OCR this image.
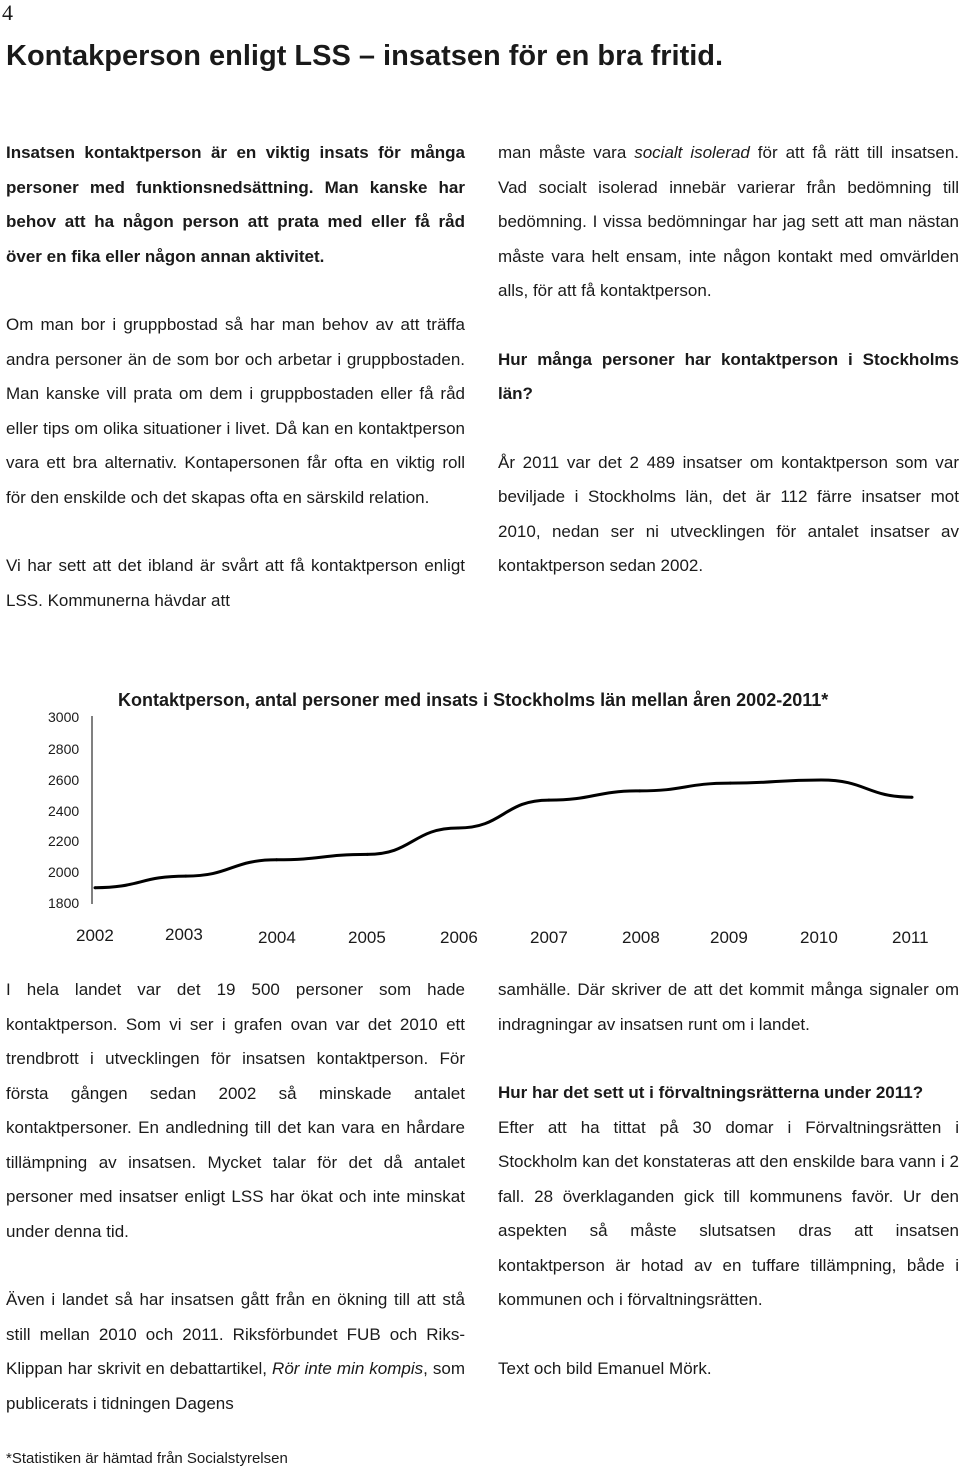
4
Kontakperson enligt LSS – insatsen för en bra fritid.

Insatsen kontaktperson är en viktig insats för många personer med funktionsnedsättning. Man kanske har behov att ha någon person att prata med eller få råd över en fika eller någon annan aktivitet.

Om man bor i gruppbostad så har man behov av att träffa andra personer än de som bor och arbetar i gruppbostaden. Man kanske vill prata om dem i gruppbostaden eller få råd eller tips om olika situationer i livet. Då kan en kontaktperson vara ett bra alternativ. Kontapersonen får ofta en viktig roll för den enskilde och det skapas ofta en särskild relation.

Vi har sett att det ibland är svårt att få kontaktperson enligt LSS. Kommunerna hävdar att

man måste vara socialt isolerad för att få rätt till insatsen. Vad socialt isolerad innebär varierar från bedömning till bedömning. I vissa bedömningar har jag sett att man nästan måste vara helt ensam, inte någon kontakt med omvärlden alls, för att få kontaktperson.

Hur många personer har kontaktperson i Stockholms län?

År 2011 var det 2 489 insatser om kontaktperson som var beviljade i Stockholms län, det är 112 färre insatser mot 2010, nedan ser ni utvecklingen för antalet insatser av kontaktperson sedan 2002.

Kontaktperson, antal personer med insats i Stockholms län mellan åren 2002-2011*
3000
2800
2600
2400
2200
2000
1800
2002	2003	2004	2005	2006	2007	2008	2009	2010	2011

I hela landet var det 19 500 personer som hade kontaktperson. Som vi ser i grafen ovan var det 2010 ett trendbrott i utvecklingen för insatsen kontaktperson. För första gången sedan 2002 så minskade antalet kontaktpersoner. En andledning till det kan vara en hårdare tillämpning av insatsen. Mycket talar för det då antalet personer med insatser enligt LSS har ökat och inte minskat under denna tid.

Även i landet så har insatsen gått från en ökning till att stå still mellan 2010 och 2011. Riksförbundet FUB och Riks-Klippan har skrivit en debattartikel, Rör inte min kompis, som publicerats i tidningen Dagens

samhälle. Där skriver de att det kommit många signaler om indragningar av insatsen runt om i landet.

Hur har det sett ut i förvaltningsrätterna under 2011?

Efter att ha tittat på 30 domar i Förvaltningsrätten i Stockholm kan det konstateras att den enskilde bara vann i 2 fall. 28 överklaganden gick till kommunens favör. Ur den aspekten så måste slutsatsen dras att insatsen kontaktperson är hotad av en tuffare tillämpning, både i kommunen och i förvaltningsrätten.

Text och bild Emanuel Mörk.

*Statistiken är hämtad från Socialstyrelsen
